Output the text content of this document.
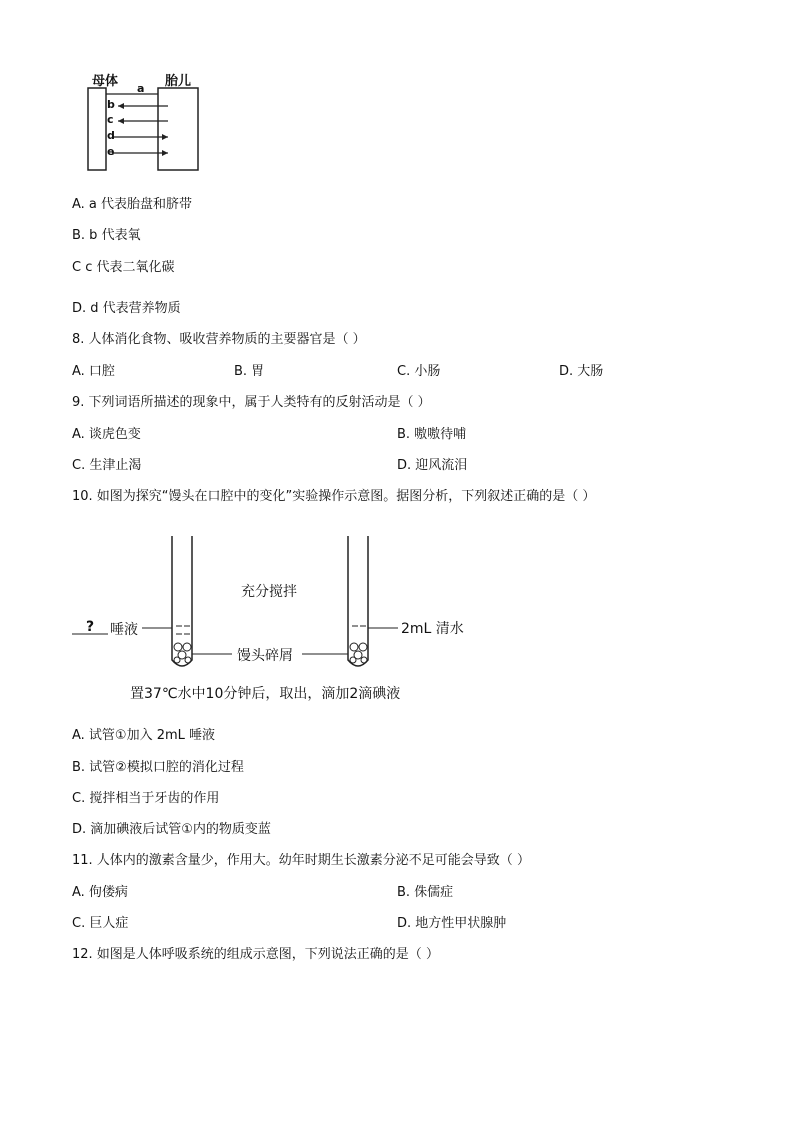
母体	胎儿
a
b
c
d
e
A. a 代表胎盘和脐带
B. b 代表氧
C c 代表二氧化碳
D. d 代表营养物质
8. 人体消化食物、吸收营养物质的主要器官是（ ）
A. 口腔	B. 胃	C. 小肠	D. 大肠
9. 下列词语所描述的现象中，属于人类特有的反射活动是（ ）
A. 谈虎色变	B. 嗷嗷待哺
C. 生津止渴	D. 迎风流泪
10. 如图为探究“馒头在口腔中的变化”实验操作示意图。据图分析，下列叙述正确的是（ ）
充分搅拌
? 唾液	2mL 清水
馒头碎屑
置37℃水中10分钟后，取出，滴加2滴碘液
A. 试管①加入 2mL 唾液
B. 试管②模拟口腔的消化过程
C. 搅拌相当于牙齿的作用
D. 滴加碘液后试管①内的物质变蓝
11. 人体内的激素含量少，作用大。幼年时期生长激素分泌不足可能会导致（ ）
A. 佝偻病	B. 侏儒症
C. 巨人症	D. 地方性甲状腺肿
12. 如图是人体呼吸系统的组成示意图，下列说法正确的是（ ）
